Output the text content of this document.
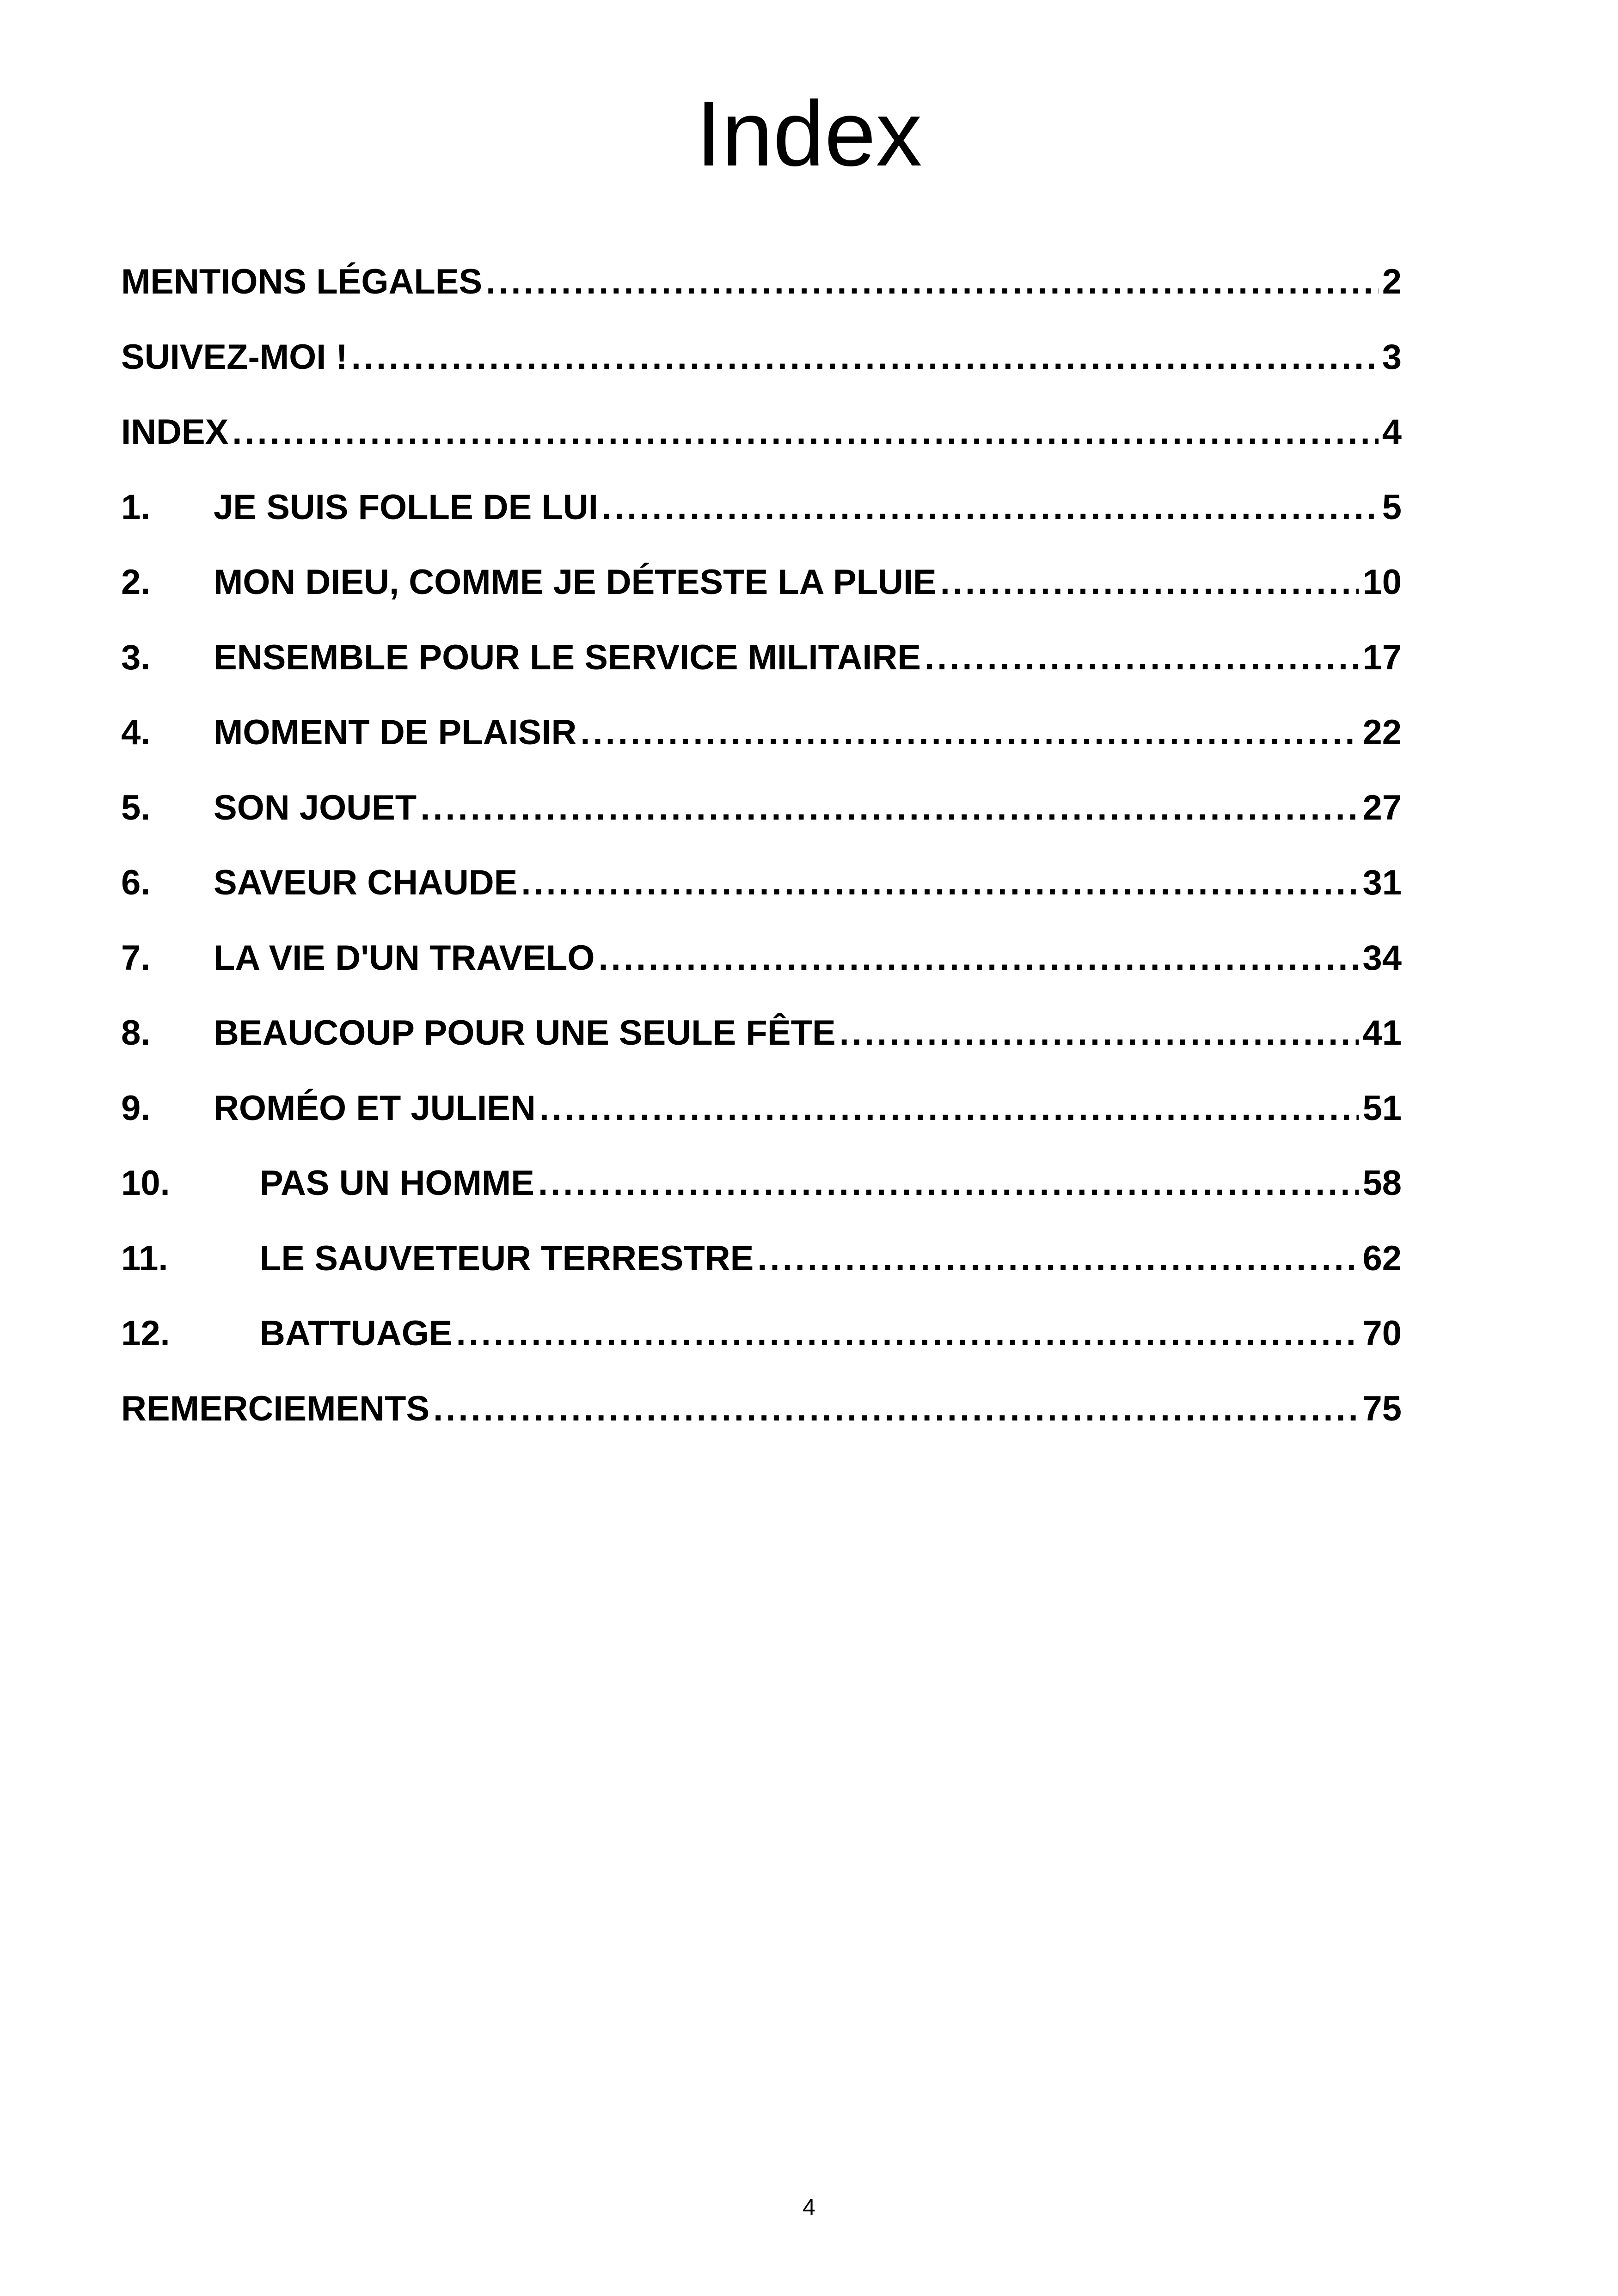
Index
MENTIONS LÉGALES .....	2
SUIVEZ-MOI ! .....	3
INDEX .....	4
1.	JE SUIS FOLLE DE LUI .....	5
2.	MON DIEU, COMME JE DÉTESTE LA PLUIE .....	10
3.	ENSEMBLE POUR LE SERVICE MILITAIRE .....	17
4.	MOMENT DE PLAISIR .....	22
5.	SON JOUET .....	27
6.	SAVEUR CHAUDE .....	31
7.	LA VIE D'UN TRAVELO .....	34
8.	BEAUCOUP POUR UNE SEULE FÊTE .....	41
9.	ROMÉO ET JULIEN .....	51
10.	PAS UN HOMME .....	58
11.	LE SAUVETEUR TERRESTRE .....	62
12.	BATTUAGE .....	70
REMERCIEMENTS .....	75
4
